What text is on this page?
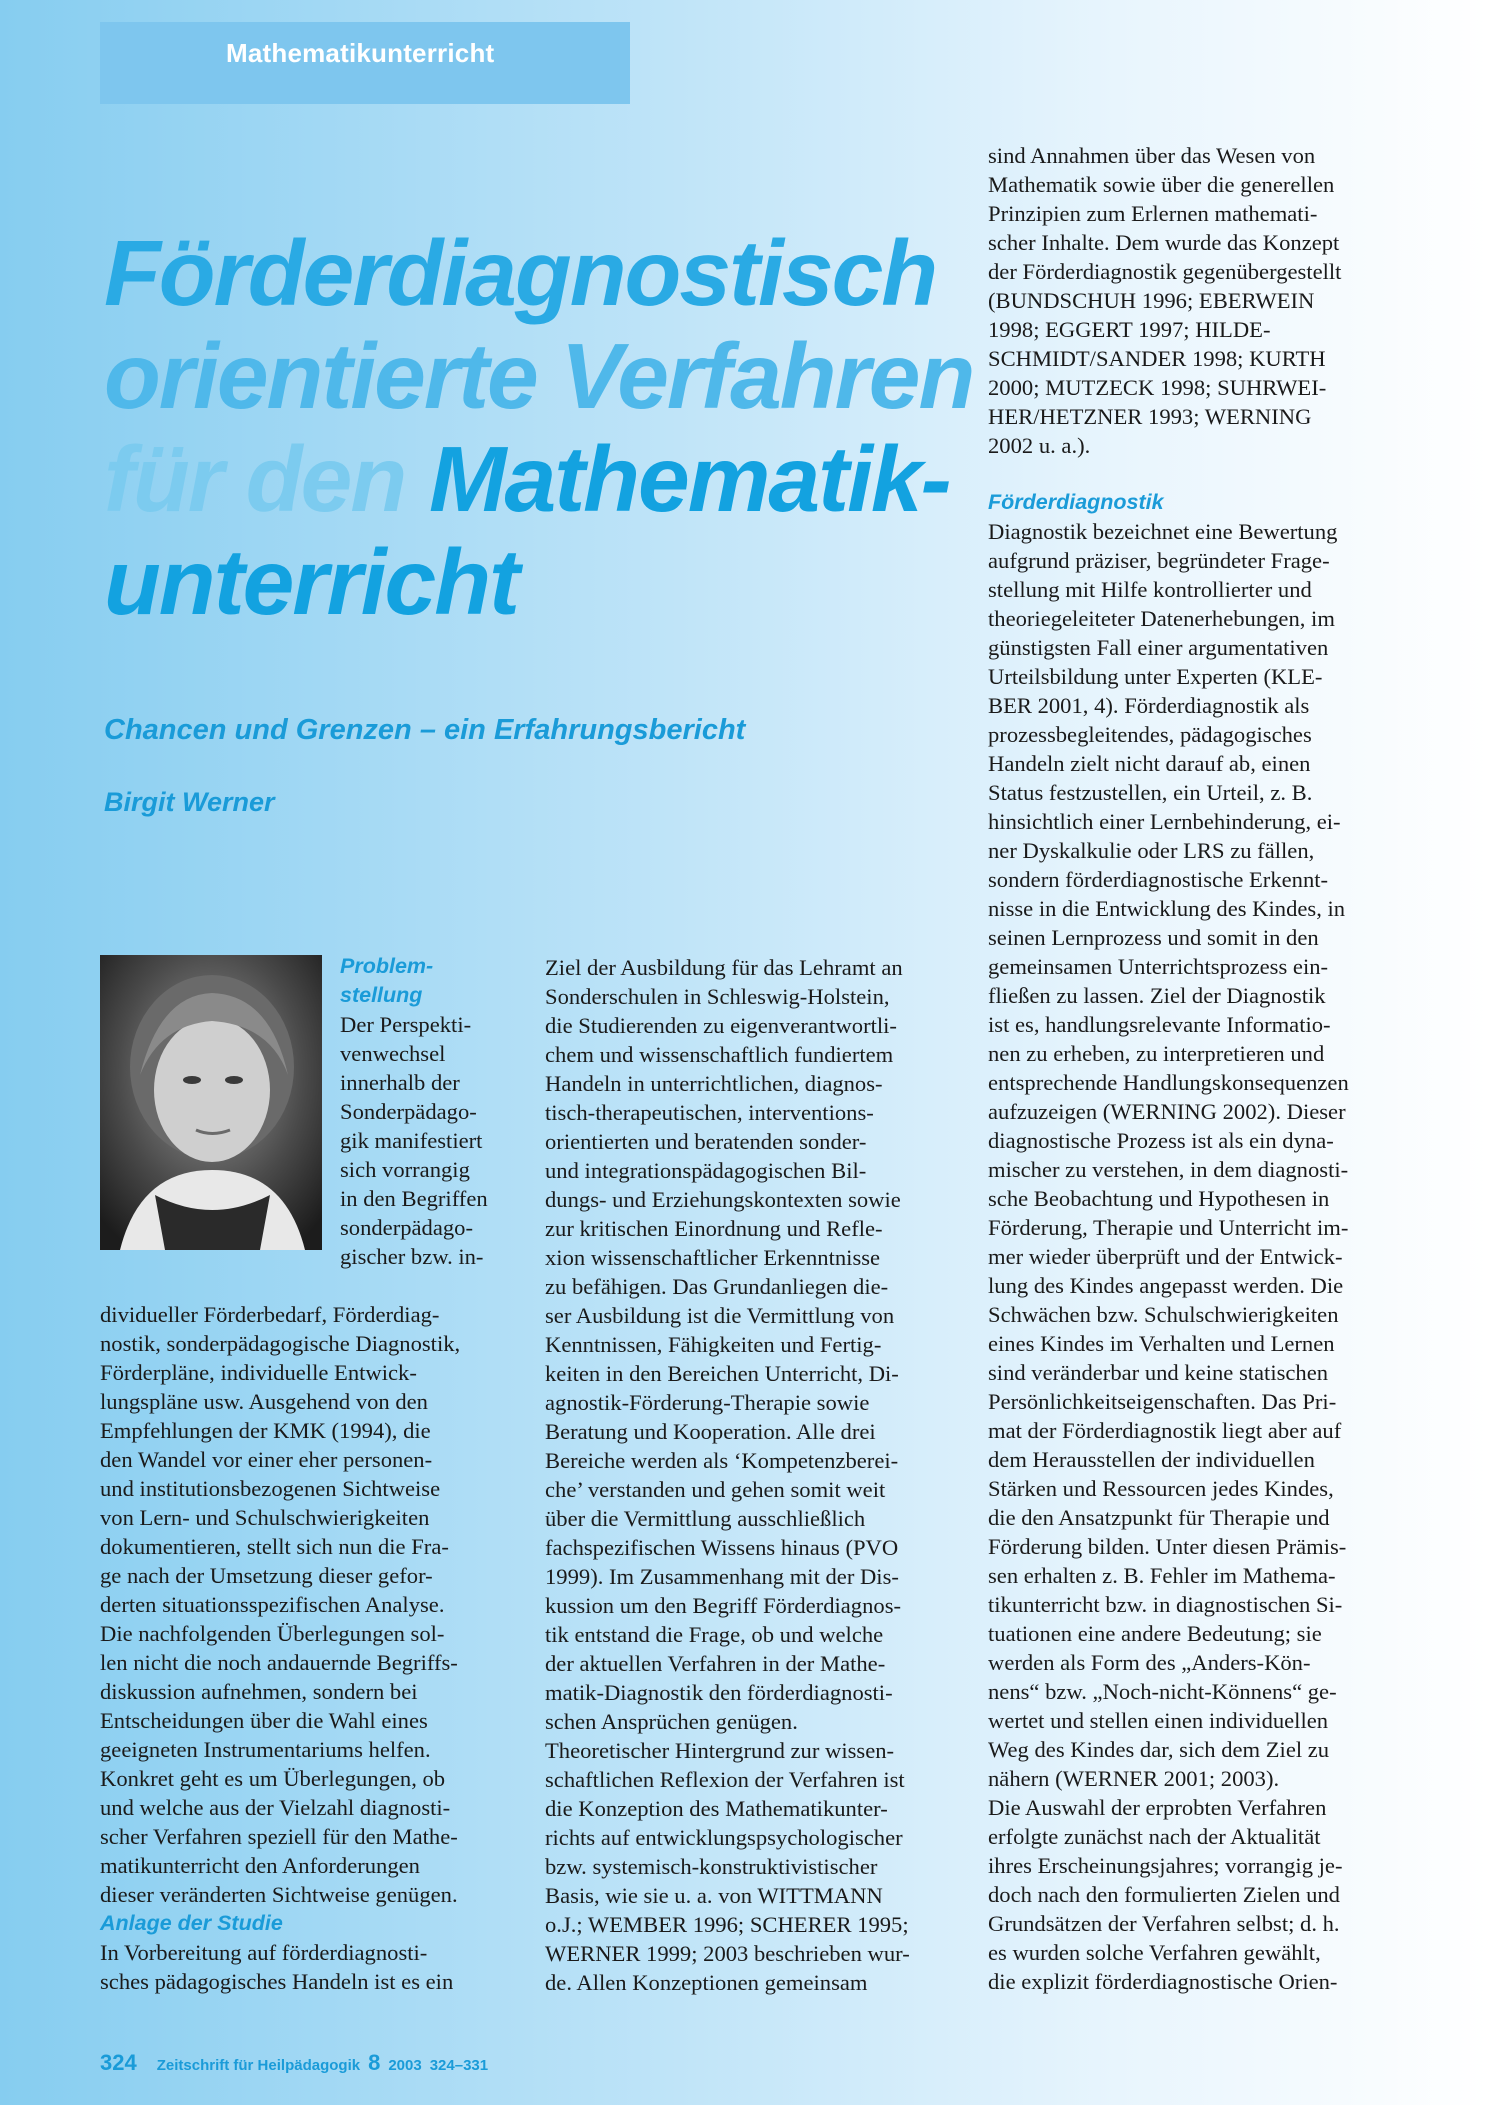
Mathematikunterricht
Förderdiagnostisch
orientierte Verfahren
für den Mathematik-
unterricht
Chancen und Grenzen – ein Erfahrungsbericht
Birgit Werner
Problem-
stellung

Der Perspekti-

venwechsel

innerhalb der

Sonderpädago-

gik manifestiert

sich vorrangig

in den Begriffen

sonderpädago-

gischer bzw. in-

dividueller Förderbedarf, Förderdiag-

nostik, sonderpädagogische Diagnostik,

Förderpläne, individuelle Entwick-

lungspläne usw. Ausgehend von den

Empfehlungen der KMK (1994), die

den Wandel vor einer eher personen-

und institutionsbezogenen Sichtweise

von Lern- und Schulschwierigkeiten

dokumentieren, stellt sich nun die Fra-

ge nach der Umsetzung dieser gefor-

derten situationsspezifischen Analyse.

Die nachfolgenden Überlegungen sol-

len nicht die noch andauernde Begriffs-

diskussion aufnehmen, sondern bei

Entscheidungen über die Wahl eines

geeigneten Instrumentariums helfen.

Konkret geht es um Überlegungen, ob

und welche aus der Vielzahl diagnosti-

scher Verfahren speziell für den Mathe-

matikunterricht den Anforderungen

dieser veränderten Sichtweise genügen.

Anlage der Studie

In Vorbereitung auf förderdiagnosti-

sches pädagogisches Handeln ist es ein

Ziel der Ausbildung für das Lehramt an

Sonderschulen in Schleswig-Holstein,

die Studierenden zu eigenverantwortli-

chem und wissenschaftlich fundiertem

Handeln in unterrichtlichen, diagnos-

tisch-therapeutischen, interventions-

orientierten und beratenden sonder-

und integrationspädagogischen Bil-

dungs- und Erziehungskontexten sowie

zur kritischen Einordnung und Refle-

xion wissenschaftlicher Erkenntnisse

zu befähigen. Das Grundanliegen die-

ser Ausbildung ist die Vermittlung von

Kenntnissen, Fähigkeiten und Fertig-

keiten in den Bereichen Unterricht, Di-

agnostik-Förderung-Therapie sowie

Beratung und Kooperation. Alle drei

Bereiche werden als ‘Kompetenzberei-

che’ verstanden und gehen somit weit

über die Vermittlung ausschließlich

fachspezifischen Wissens hinaus (PVO

1999). Im Zusammenhang mit der Dis-

kussion um den Begriff Förderdiagnos-

tik entstand die Frage, ob und welche

der aktuellen Verfahren in der Mathe-

matik-Diagnostik den förderdiagnosti-

schen Ansprüchen genügen.

Theoretischer Hintergrund zur wissen-

schaftlichen Reflexion der Verfahren ist

die Konzeption des Mathematikunter-

richts auf entwicklungspsychologischer

bzw. systemisch-konstruktivistischer

Basis, wie sie u. a. von WITTMANN

o.J.; WEMBER 1996; SCHERER 1995;

WERNER 1999; 2003 beschrieben wur-

de. Allen Konzeptionen gemeinsam

sind Annahmen über das Wesen von

Mathematik sowie über die generellen

Prinzipien zum Erlernen mathemati-

scher Inhalte. Dem wurde das Konzept

der Förderdiagnostik gegenübergestellt

(BUNDSCHUH 1996; EBERWEIN

1998; EGGERT 1997; HILDE-

SCHMIDT/SANDER 1998; KURTH

2000; MUTZECK 1998; SUHRWEI-

HER/HETZNER 1993; WERNING

2002 u. a.).

Förderdiagnostik

Diagnostik bezeichnet eine Bewertung

aufgrund präziser, begründeter Frage-

stellung mit Hilfe kontrollierter und

theoriegeleiteter Datenerhebungen, im

günstigsten Fall einer argumentativen

Urteilsbildung unter Experten (KLE-

BER 2001, 4). Förderdiagnostik als

prozessbegleitendes, pädagogisches

Handeln zielt nicht darauf ab, einen

Status festzustellen, ein Urteil, z. B.

hinsichtlich einer Lernbehinderung, ei-

ner Dyskalkulie oder LRS zu fällen,

sondern förderdiagnostische Erkennt-

nisse in die Entwicklung des Kindes, in

seinen Lernprozess und somit in den

gemeinsamen Unterrichtsprozess ein-

fließen zu lassen. Ziel der Diagnostik

ist es, handlungsrelevante Informatio-

nen zu erheben, zu interpretieren und

entsprechende Handlungskonsequenzen

aufzuzeigen (WERNING 2002). Dieser

diagnostische Prozess ist als ein dyna-

mischer zu verstehen, in dem diagnosti-

sche Beobachtung und Hypothesen in

Förderung, Therapie und Unterricht im-

mer wieder überprüft und der Entwick-

lung des Kindes angepasst werden. Die

Schwächen bzw. Schulschwierigkeiten

eines Kindes im Verhalten und Lernen

sind veränderbar und keine statischen

Persönlichkeitseigenschaften. Das Pri-

mat der Förderdiagnostik liegt aber auf

dem Herausstellen der individuellen

Stärken und Ressourcen jedes Kindes,

die den Ansatzpunkt für Therapie und

Förderung bilden. Unter diesen Prämis-

sen erhalten z. B. Fehler im Mathema-

tikunterricht bzw. in diagnostischen Si-

tuationen eine andere Bedeutung; sie

werden als Form des „Anders-Kön-

nens“ bzw. „Noch-nicht-Könnens“ ge-

wertet und stellen einen individuellen

Weg des Kindes dar, sich dem Ziel zu

nähern (WERNER 2001; 2003).

Die Auswahl der erprobten Verfahren

erfolgte zunächst nach der Aktualität

ihres Erscheinungsjahres; vorrangig je-

doch nach den formulierten Zielen und

Grundsätzen der Verfahren selbst; d. h.

es wurden solche Verfahren gewählt,

die explizit förderdiagnostische Orien-

324 Zeitschrift für Heilpädagogik 8 2003 324–331
